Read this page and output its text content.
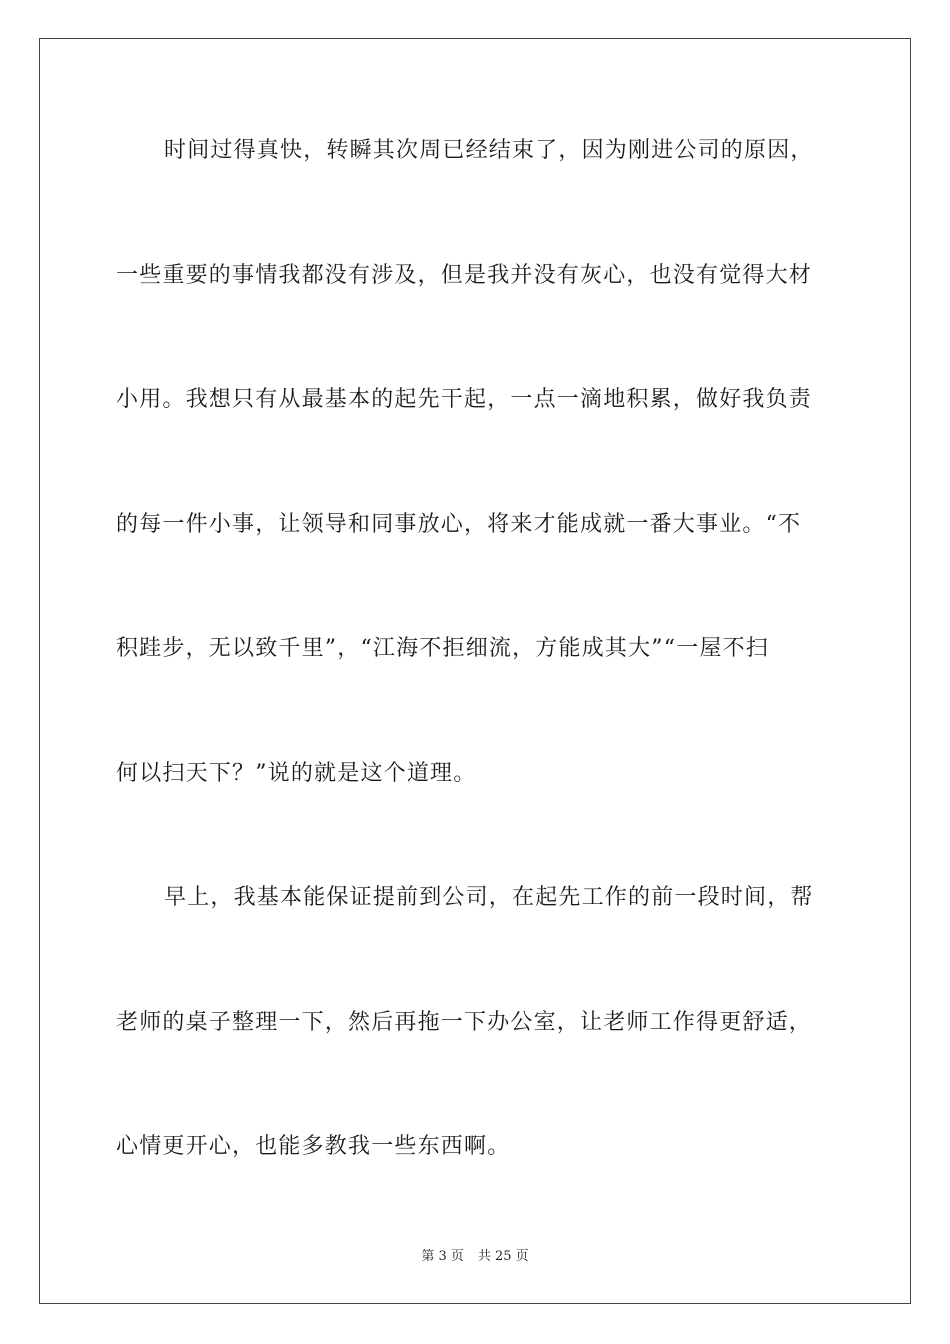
时间过得真快，转瞬其次周已经结束了，因为刚进公司的原因，
一些重要的事情我都没有涉及，但是我并没有灰心，也没有觉得大材
小用。我想只有从最基本的起先干起，一点一滴地积累，做好我负责
的每一件小事，让领导和同事放心，将来才能成就一番大事业。“不
积跬步，无以致千里”，“江海不拒细流，方能成其大”“一屋不扫
何以扫天下？”说的就是这个道理。
早上，我基本能保证提前到公司，在起先工作的前一段时间，帮
老师的桌子整理一下，然后再拖一下办公室，让老师工作得更舒适，
心情更开心，也能多教我一些东西啊。
第 3 页 共 25 页
